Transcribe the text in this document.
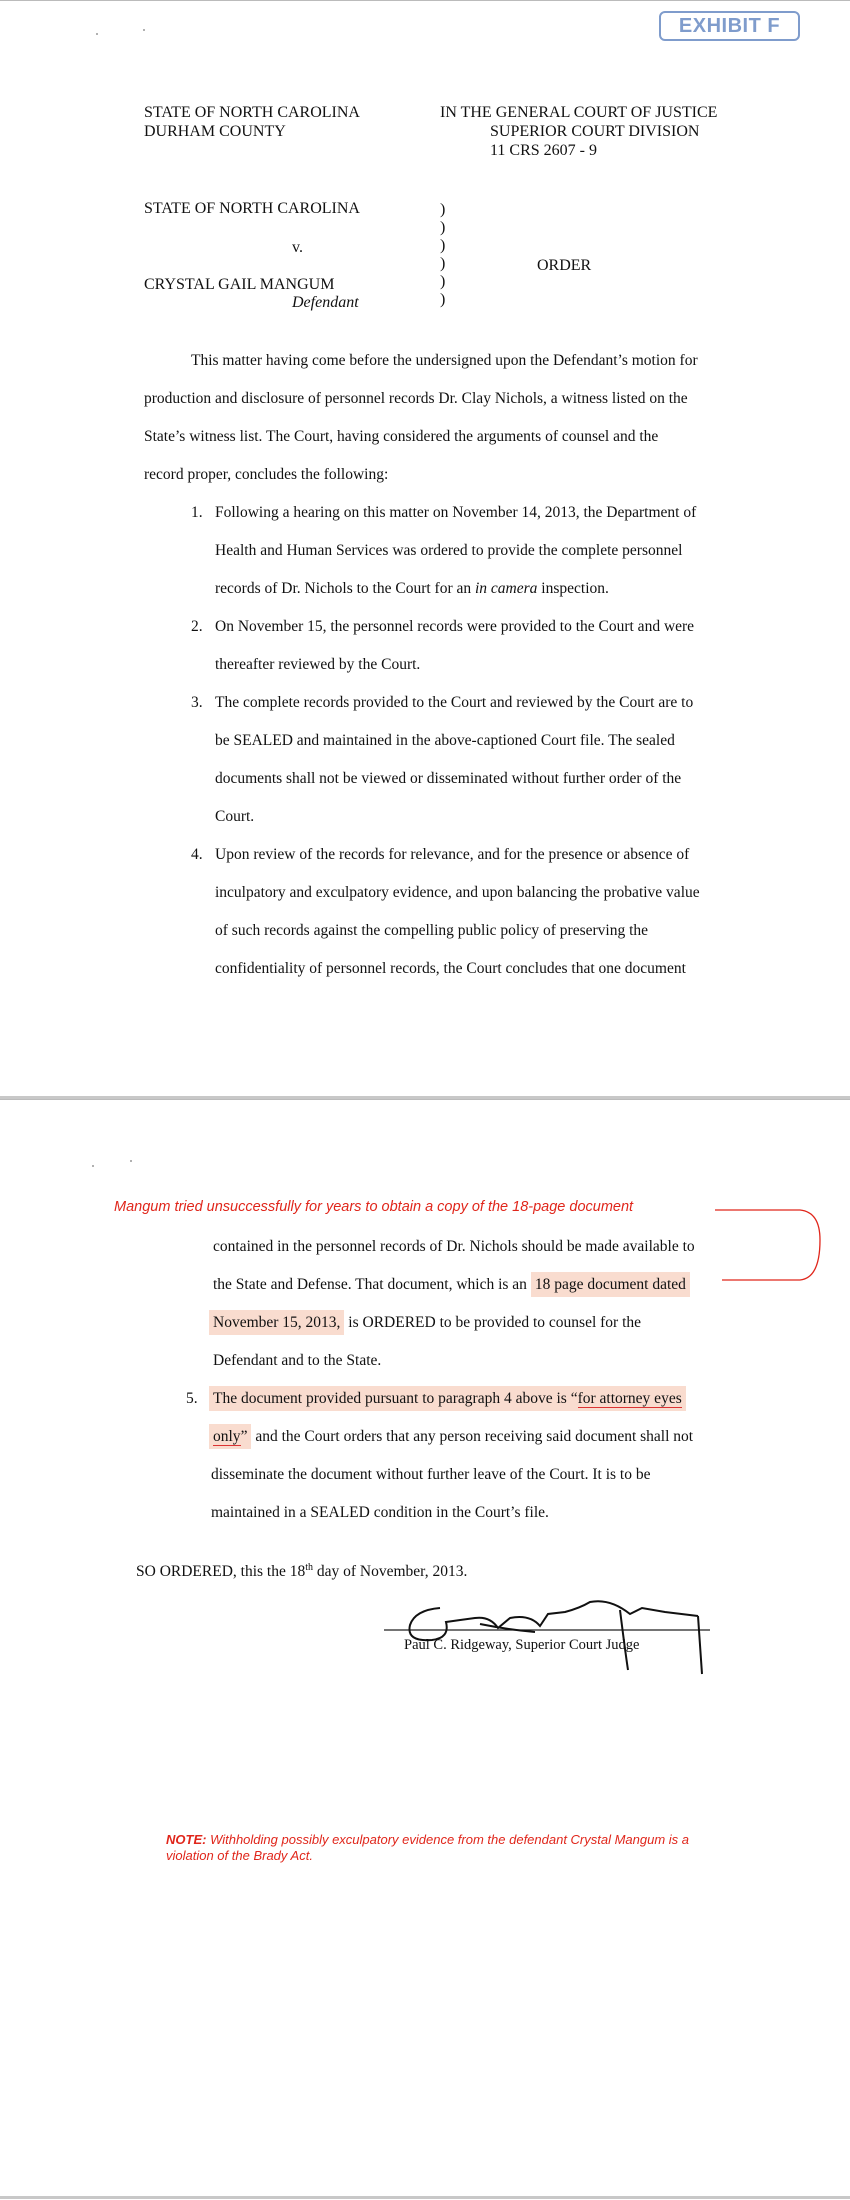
EXHIBIT F
STATE OF NORTH CAROLINA
DURHAM COUNTY
IN THE GENERAL COURT OF JUSTICE
SUPERIOR COURT DIVISION
11 CRS 2607 - 9
STATE OF NORTH CAROLINA
v.
CRYSTAL GAIL MANGUM
Defendant
)
)
)
)
)
)
ORDER
This matter having come before the undersigned upon the Defendant’s motion for
production and disclosure of personnel records Dr. Clay Nichols, a witness listed on the
State’s witness list. The Court, having considered the arguments of counsel and the
record proper, concludes the following:
1. Following a hearing on this matter on November 14, 2013, the Department of
Health and Human Services was ordered to provide the complete personnel
records of Dr. Nichols to the Court for an in camera inspection.
2. On November 15, the personnel records were provided to the Court and were
thereafter reviewed by the Court.
3. The complete records provided to the Court and reviewed by the Court are to
be SEALED and maintained in the above-captioned Court file. The sealed
documents shall not be viewed or disseminated without further order of the
Court.
4. Upon review of the records for relevance, and for the presence or absence of
inculpatory and exculpatory evidence, and upon balancing the probative value
of such records against the compelling public policy of preserving the
confidentiality of personnel records, the Court concludes that one document
Mangum tried unsuccessfully for years to obtain a copy of the 18-page document
contained in the personnel records of Dr. Nichols should be made available to
the State and Defense. That document, which is an 18 page document dated
November 15, 2013, is ORDERED to be provided to counsel for the
Defendant and to the State.
5. The document provided pursuant to paragraph 4 above is “for attorney eyes
only” and the Court orders that any person receiving said document shall not
disseminate the document without further leave of the Court. It is to be
maintained in a SEALED condition in the Court’s file.
SO ORDERED, this the 18th day of November, 2013.
Paul C. Ridgeway, Superior Court Judge
NOTE: Withholding possibly exculpatory evidence from the defendant Crystal Mangum is a violation of the Brady Act.
